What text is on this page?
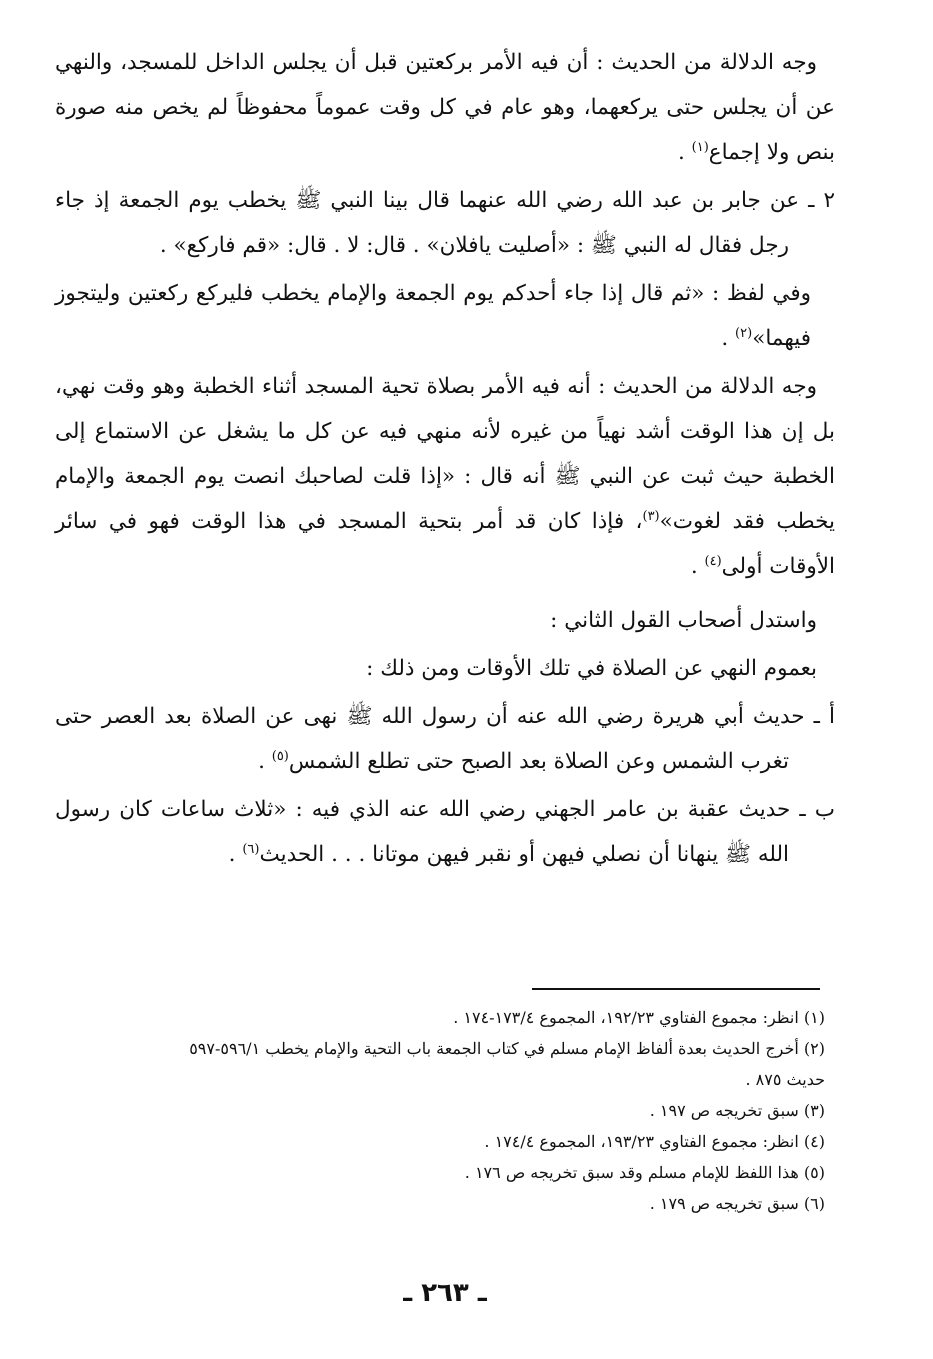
وجه الدلالة من الحديث : أن فيه الأمر بركعتين قبل أن يجلس الداخل للمسجد، والنهي عن أن يجلس حتى يركعهما، وهو عام في كل وقت عموماً محفوظاً لم يخص منه صورة بنص ولا إجماع$^{(١)}$ .

٢ ـ عن جابر بن عبد الله رضي الله عنهما قال بينا النبي ﷺ يخطب يوم الجمعة إذ جاء رجل فقال له النبي ﷺ : «أصليت يافلان» . قال: لا . قال: «قم فاركع» .

وفي لفظ : «ثم قال إذا جاء أحدكم يوم الجمعة والإمام يخطب فليركع ركعتين وليتجوز فيهما»$^{(٢)}$ .

وجه الدلالة من الحديث : أنه فيه الأمر بصلاة تحية المسجد أثناء الخطبة وهو وقت نهي، بل إن هذا الوقت أشد نهياً من غيره لأنه منهي فيه عن كل ما يشغل عن الاستماع إلى الخطبة حيث ثبت عن النبي ﷺ أنه قال : «إذا قلت لصاحبك انصت يوم الجمعة والإمام يخطب فقد لغوت»$^{(٣)}$، فإذا كان قد أمر بتحية المسجد في هذا الوقت فهو في سائر الأوقات أولى$^{(٤)}$ .

واستدل أصحاب القول الثاني :

بعموم النهي عن الصلاة في تلك الأوقات ومن ذلك :

أ ـ حديث أبي هريرة رضي الله عنه أن رسول الله ﷺ نهى عن الصلاة بعد العصر حتى تغرب الشمس وعن الصلاة بعد الصبح حتى تطلع الشمس$^{(٥)}$ .

ب ـ حديث عقبة بن عامر الجهني رضي الله عنه الذي فيه : «ثلاث ساعات كان رسول الله ﷺ ينهانا أن نصلي فيهن أو نقبر فيهن موتانا . . . الحديث$^{(٦)}$ .

(١) انظر: مجموع الفتاوي ١٩٢/٢٣، المجموع ١٧٣/٤-١٧٤ .

(٢) أخرج الحديث بعدة ألفاظ الإمام مسلم في كتاب الجمعة باب التحية والإمام يخطب ٥٩٦/١-٥٩٧

حديث ٨٧٥ .

(٣) سبق تخريجه ص ١٩٧ .

(٤) انظر: مجموع الفتاوي ١٩٣/٢٣، المجموع ١٧٤/٤ .

(٥) هذا اللفظ للإمام مسلم وقد سبق تخريجه ص ١٧٦ .

(٦) سبق تخريجه ص ١٧٩ .

ـ ٢٦٣ ـ
